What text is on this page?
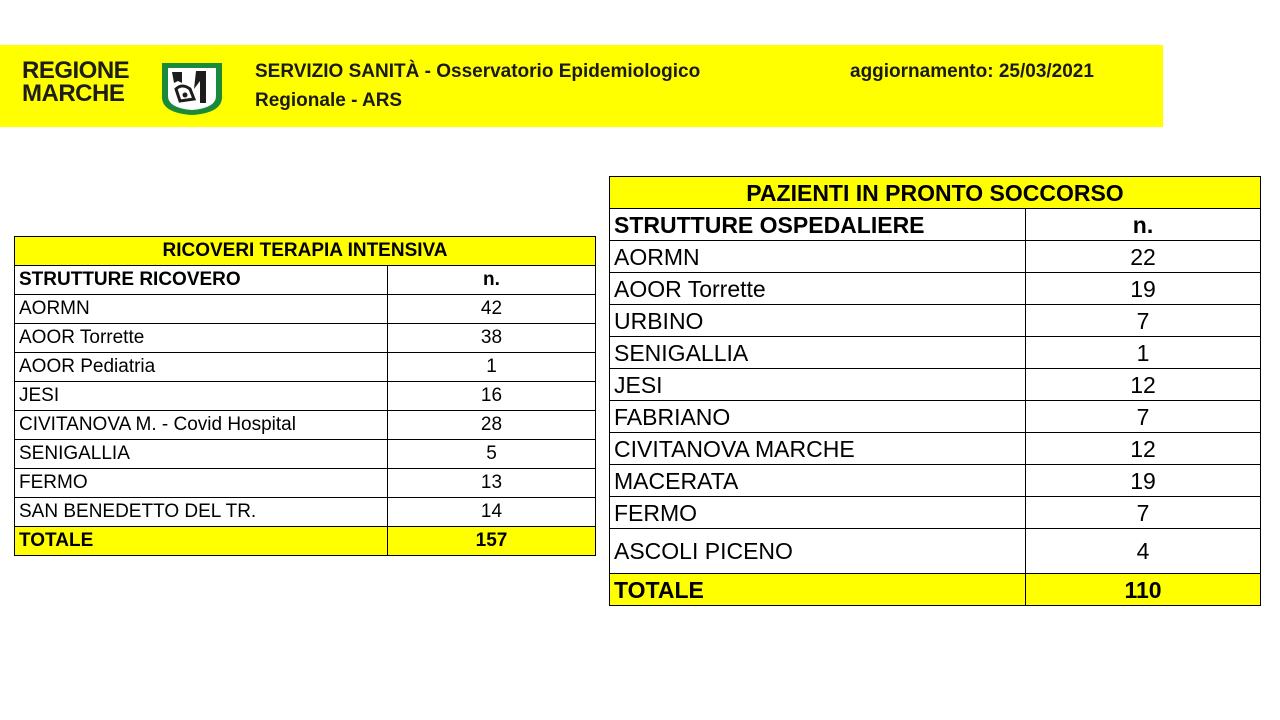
REGIONE
MARCHE
SERVIZIO SANITÀ - Osservatorio Epidemiologico
Regionale - ARS
aggiornamento: 25/03/2021
RICOVERI TERAPIA INTENSIVA	
STRUTTURE RICOVERO	n.
AORMN	42
AOOR Torrette	38
AOOR Pediatria	1
JESI	16
CIVITANOVA M. - Covid Hospital	28
SENIGALLIA	5
FERMO	13
SAN BENEDETTO DEL TR.	14
TOTALE	157
PAZIENTI IN PRONTO SOCCORSO	
STRUTTURE OSPEDALIERE	n.
AORMN	22
AOOR Torrette	19
URBINO	7
SENIGALLIA	1
JESI	12
FABRIANO	7
CIVITANOVA MARCHE	12
MACERATA	19
FERMO	7
ASCOLI PICENO	4
TOTALE	110
